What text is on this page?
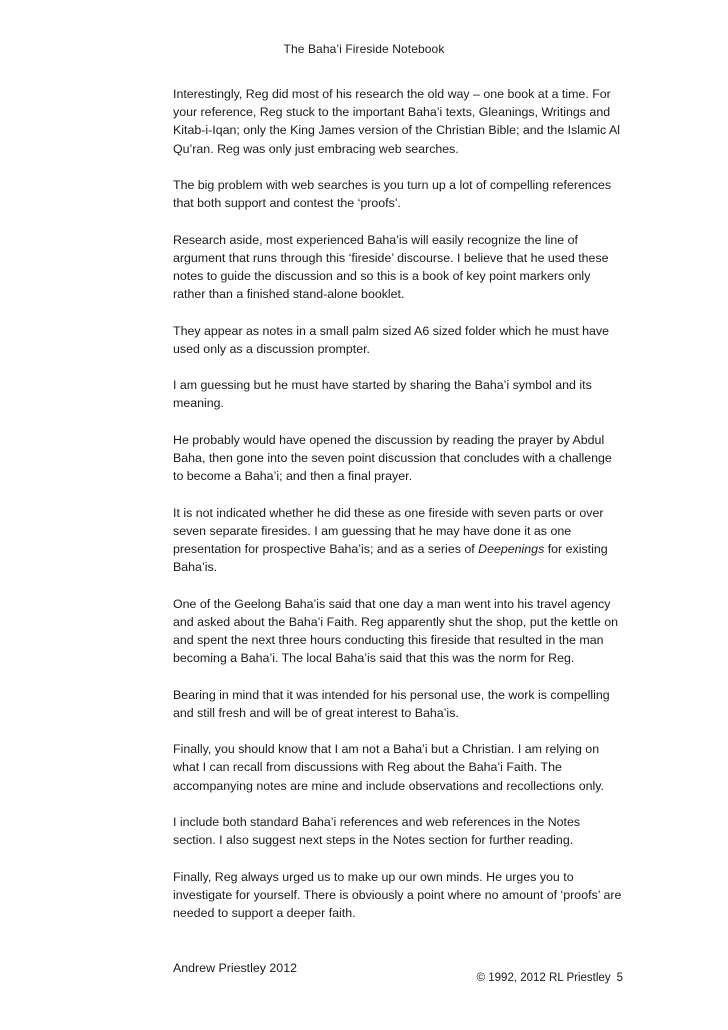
The Baha’i Fireside Notebook

Interestingly, Reg did most of his research the old way – one book at a time. For your reference, Reg stuck to the important Baha’i texts, Gleanings, Writings and Kitab-i-Iqan; only the King James version of the Christian Bible; and the Islamic Al Qu’ran. Reg was only just embracing web searches.

The big problem with web searches is you turn up a lot of compelling references that both support and contest the ‘proofs’.

Research aside, most experienced Baha’is will easily recognize the line of argument that runs through this ‘fireside’ discourse. I believe that he used these notes to guide the discussion and so this is a book of key point markers only rather than a finished stand-alone booklet.

They appear as notes in a small palm sized A6 sized folder which he must have used only as a discussion prompter.

I am guessing but he must have started by sharing the Baha’i symbol and its meaning.

He probably would have opened the discussion by reading the prayer by Abdul Baha, then gone into the seven point discussion that concludes with a challenge to become a Baha’i; and then a final prayer.

It is not indicated whether he did these as one fireside with seven parts or over seven separate firesides. I am guessing that he may have done it as one presentation for prospective Baha’is; and as a series of Deepenings for existing Baha’is.

One of the Geelong Baha’is said that one day a man went into his travel agency and asked about the Baha’i Faith. Reg apparently shut the shop, put the kettle on and spent the next three hours conducting this fireside that resulted in the man becoming a Baha’i. The local Baha’is said that this was the norm for Reg.

Bearing in mind that it was intended for his personal use, the work is compelling and still fresh and will be of great interest to Baha’is.

Finally, you should know that I am not a Baha’i but a Christian. I am relying on what I can recall from discussions with Reg about the Baha’i Faith. The accompanying notes are mine and include observations and recollections only.

I include both standard Baha’i references and web references in the Notes section. I also suggest next steps in the Notes section for further reading.

Finally, Reg always urged us to make up our own minds. He urges you to investigate for yourself. There is obviously a point where no amount of ‘proofs’ are needed to support a deeper faith.

Andrew Priestley 2012

© 1992, 2012 RL Priestley 5
